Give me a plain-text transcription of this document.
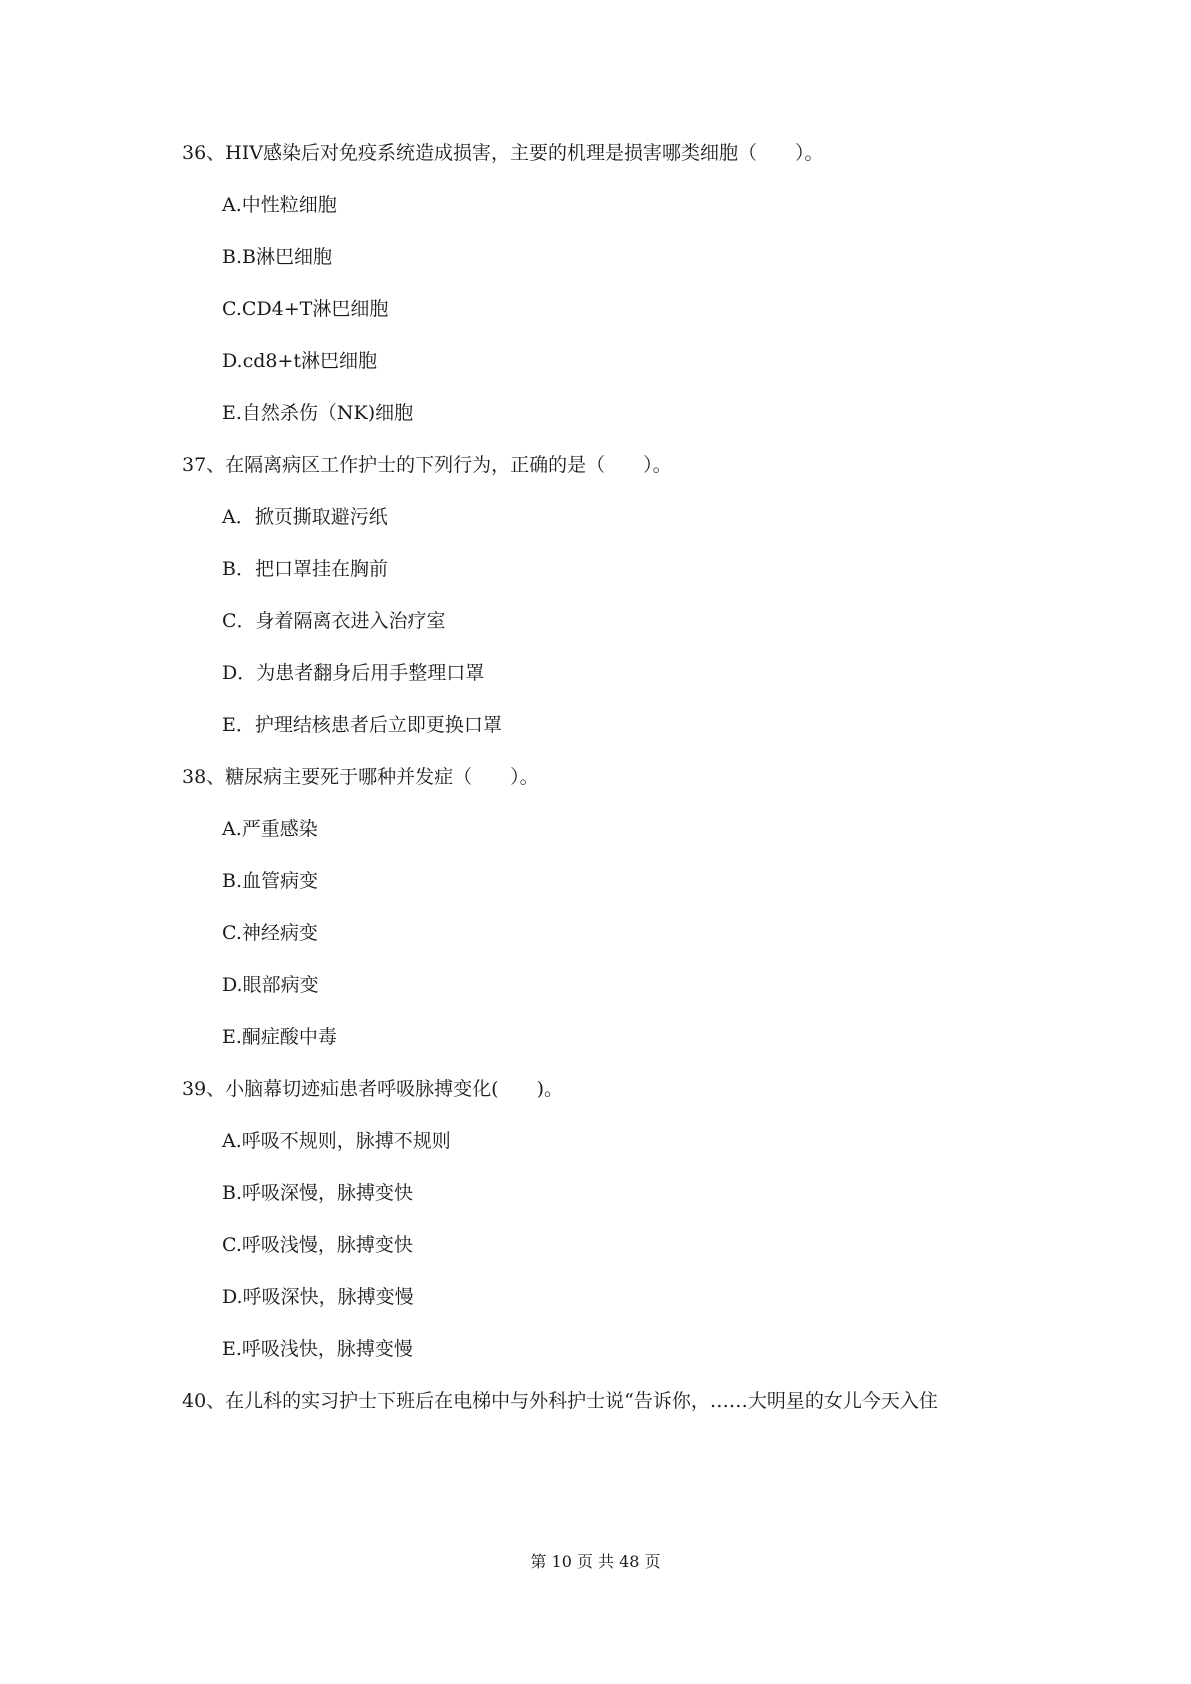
36、HIV感染后对免疫系统造成损害，主要的机理是损害哪类细胞（　　）。
A.中性粒细胞
B.B淋巴细胞
C.CD4+T淋巴细胞
D.cd8+t淋巴细胞
E.自然杀伤（NK)细胞
37、在隔离病区工作护士的下列行为，正确的是（　　）。
A．掀页撕取避污纸
B．把口罩挂在胸前
C．身着隔离衣进入治疗室
D．为患者翻身后用手整理口罩
E．护理结核患者后立即更换口罩
38、糖尿病主要死于哪种并发症（　　）。
A.严重感染
B.血管病变
C.神经病变
D.眼部病变
E.酮症酸中毒
39、小脑幕切迹疝患者呼吸脉搏变化(　　)。
A.呼吸不规则，脉搏不规则
B.呼吸深慢，脉搏变快
C.呼吸浅慢，脉搏变快
D.呼吸深快，脉搏变慢
E.呼吸浅快，脉搏变慢
40、在儿科的实习护士下班后在电梯中与外科护士说“告诉你，……大明星的女儿今天入住
第 10 页 共 48 页
